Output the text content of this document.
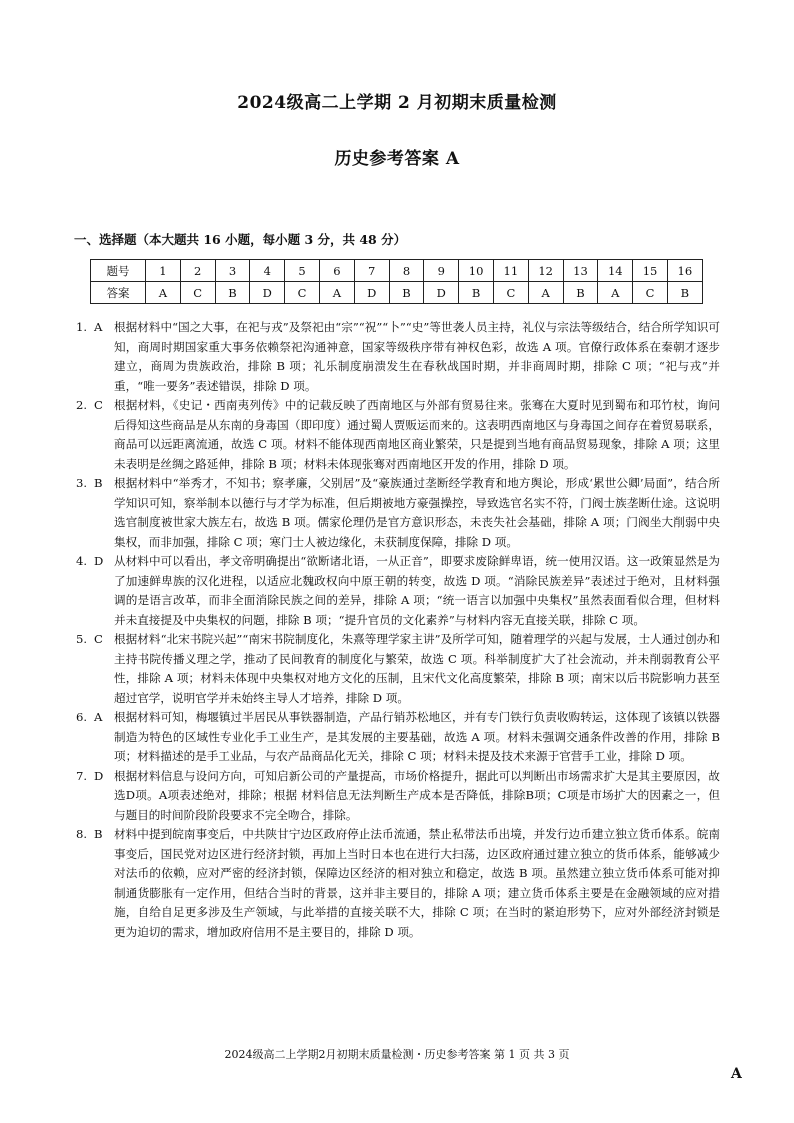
2024级高二上学期 2 月初期末质量检测
历史参考答案 A
一、选择题（本大题共 16 小题，每小题 3 分，共 48 分）
题号	1	2	3	4	5	6	7	8	9	10	11	12	13	14	15	16
答案	A	C	B	D	C	A	D	B	D	B	C	A	B	A	C	B
1. A	根据材料中“国之大事，在祀与戎”及祭祀由“宗”“祝”“卜”“史”等世袭人员主持，礼仪与宗法等级结合，结合所学知识可知，商周时期国家重大事务依赖祭祀沟通神意，国家等级秩序带有神权色彩，故选 A 项。官僚行政体系在秦朝才逐步建立，商周为贵族政治，排除 B 项；礼乐制度崩溃发生在春秋战国时期，并非商周时期，排除 C 项；“祀与戎”并重，“唯一要务”表述错误，排除 D 项。
2. C 根据材料，《史记・西南夷列传》中的记载反映了西南地区与外部有贸易往来。张骞在大夏时见到蜀布和邛竹杖，询问后得知这些商品是从东南的身毒国（即印度）通过蜀人贾贩运而来的。这表明西南地区与身毒国之间存在着贸易联系，商品可以远距离流通，故选 C 项。材料不能体现西南地区商业繁荣，只是提到当地有商品贸易现象，排除 A 项；这里未表明是丝绸之路延伸，排除 B 项；材料未体现张骞对西南地区开发的作用，排除 D 项。
3. B 根据材料中“举秀才，不知书；察孝廉，父别居”及“豪族通过垄断经学教育和地方舆论，形成‘累世公卿’局面”，结合所学知识可知，察举制本以德行与才学为标准，但后期被地方豪强操控，导致选官名实不符，门阀士族垄断仕途。这说明选官制度被世家大族左右，故选 B 项。儒家伦理仍是官方意识形态，未丧失社会基础，排除 A 项；门阀坐大削弱中央集权，而非加强，排除 C 项；寒门士人被边缘化，未获制度保障，排除 D 项。
4. D 从材料中可以看出，孝文帝明确提出“欲断诸北语，一从正音”，即要求废除鲜卑语，统一使用汉语。这一政策显然是为了加速鲜卑族的汉化进程，以适应北魏政权向中原王朝的转变，故选 D 项。“消除民族差异”表述过于绝对，且材料强调的是语言改革，而非全面消除民族之间的差异，排除 A 项；“统一语言以加强中央集权”虽然表面看似合理，但材料并未直接提及中央集权的问题，排除 B 项；“提升官员的文化素养”与材料内容无直接关联，排除 C 项。
5. C 根据材料“北宋书院兴起”“南宋书院制度化，朱熹等理学家主讲”及所学可知，随着理学的兴起与发展，士人通过创办和主持书院传播义理之学，推动了民间教育的制度化与繁荣，故选 C 项。科举制度扩大了社会流动，并未削弱教育公平性，排除 A 项；材料未体现中央集权对地方文化的压制，且宋代文化高度繁荣，排除 B 项；南宋以后书院影响力甚至超过官学，说明官学并未始终主导人才培养，排除 D 项。
6. A	根据材料可知，梅堰镇过半居民从事铁器制造，产品行销苏松地区，并有专门铁行负责收购转运，这体现了该镇以铁器制造为特色的区域性专业化手工业生产，是其发展的主要基础，故选 A 项。材料未强调交通条件改善的作用，排除 B 项；材料描述的是手工业品，与农产品商品化无关，排除 C 项；材料未提及技术来源于官营手工业，排除 D 项。
7. D 根据材料信息与设问方向，可知启新公司的产量提高，市场价格提升，据此可以判断出市场需求扩大是其主要原因，故选D项。A项表述绝对，排除；根据 材料信息无法判断生产成本是否降低，排除B项；C项是市场扩大的因素之一，但与题目的时间阶段阶段要求不完全吻合，排除。
8. B 材料中提到皖南事变后，中共陕甘宁边区政府停止法币流通，禁止私带法币出境，并发行边币建立独立货币体系。皖南事变后，国民党对边区进行经济封锁，再加上当时日本也在进行大扫荡，边区政府通过建立独立的货币体系，能够减少对法币的依赖，应对严密的经济封锁，保障边区经济的相对独立和稳定，故选 B 项。虽然建立独立货币体系可能对抑制通货膨胀有一定作用，但结合当时的背景，这并非主要目的，排除 A 项；建立货币体系主要是在金融领域的应对措施，自给自足更多涉及生产领域，与此举措的直接关联不大，排除 C 项；在当时的紧迫形势下，应对外部经济封锁是更为迫切的需求，增加政府信用不是主要目的，排除 D 项。
2024级高二上学期2月初期末质量检测・历史参考答案 第 1 页 共 3 页
A
